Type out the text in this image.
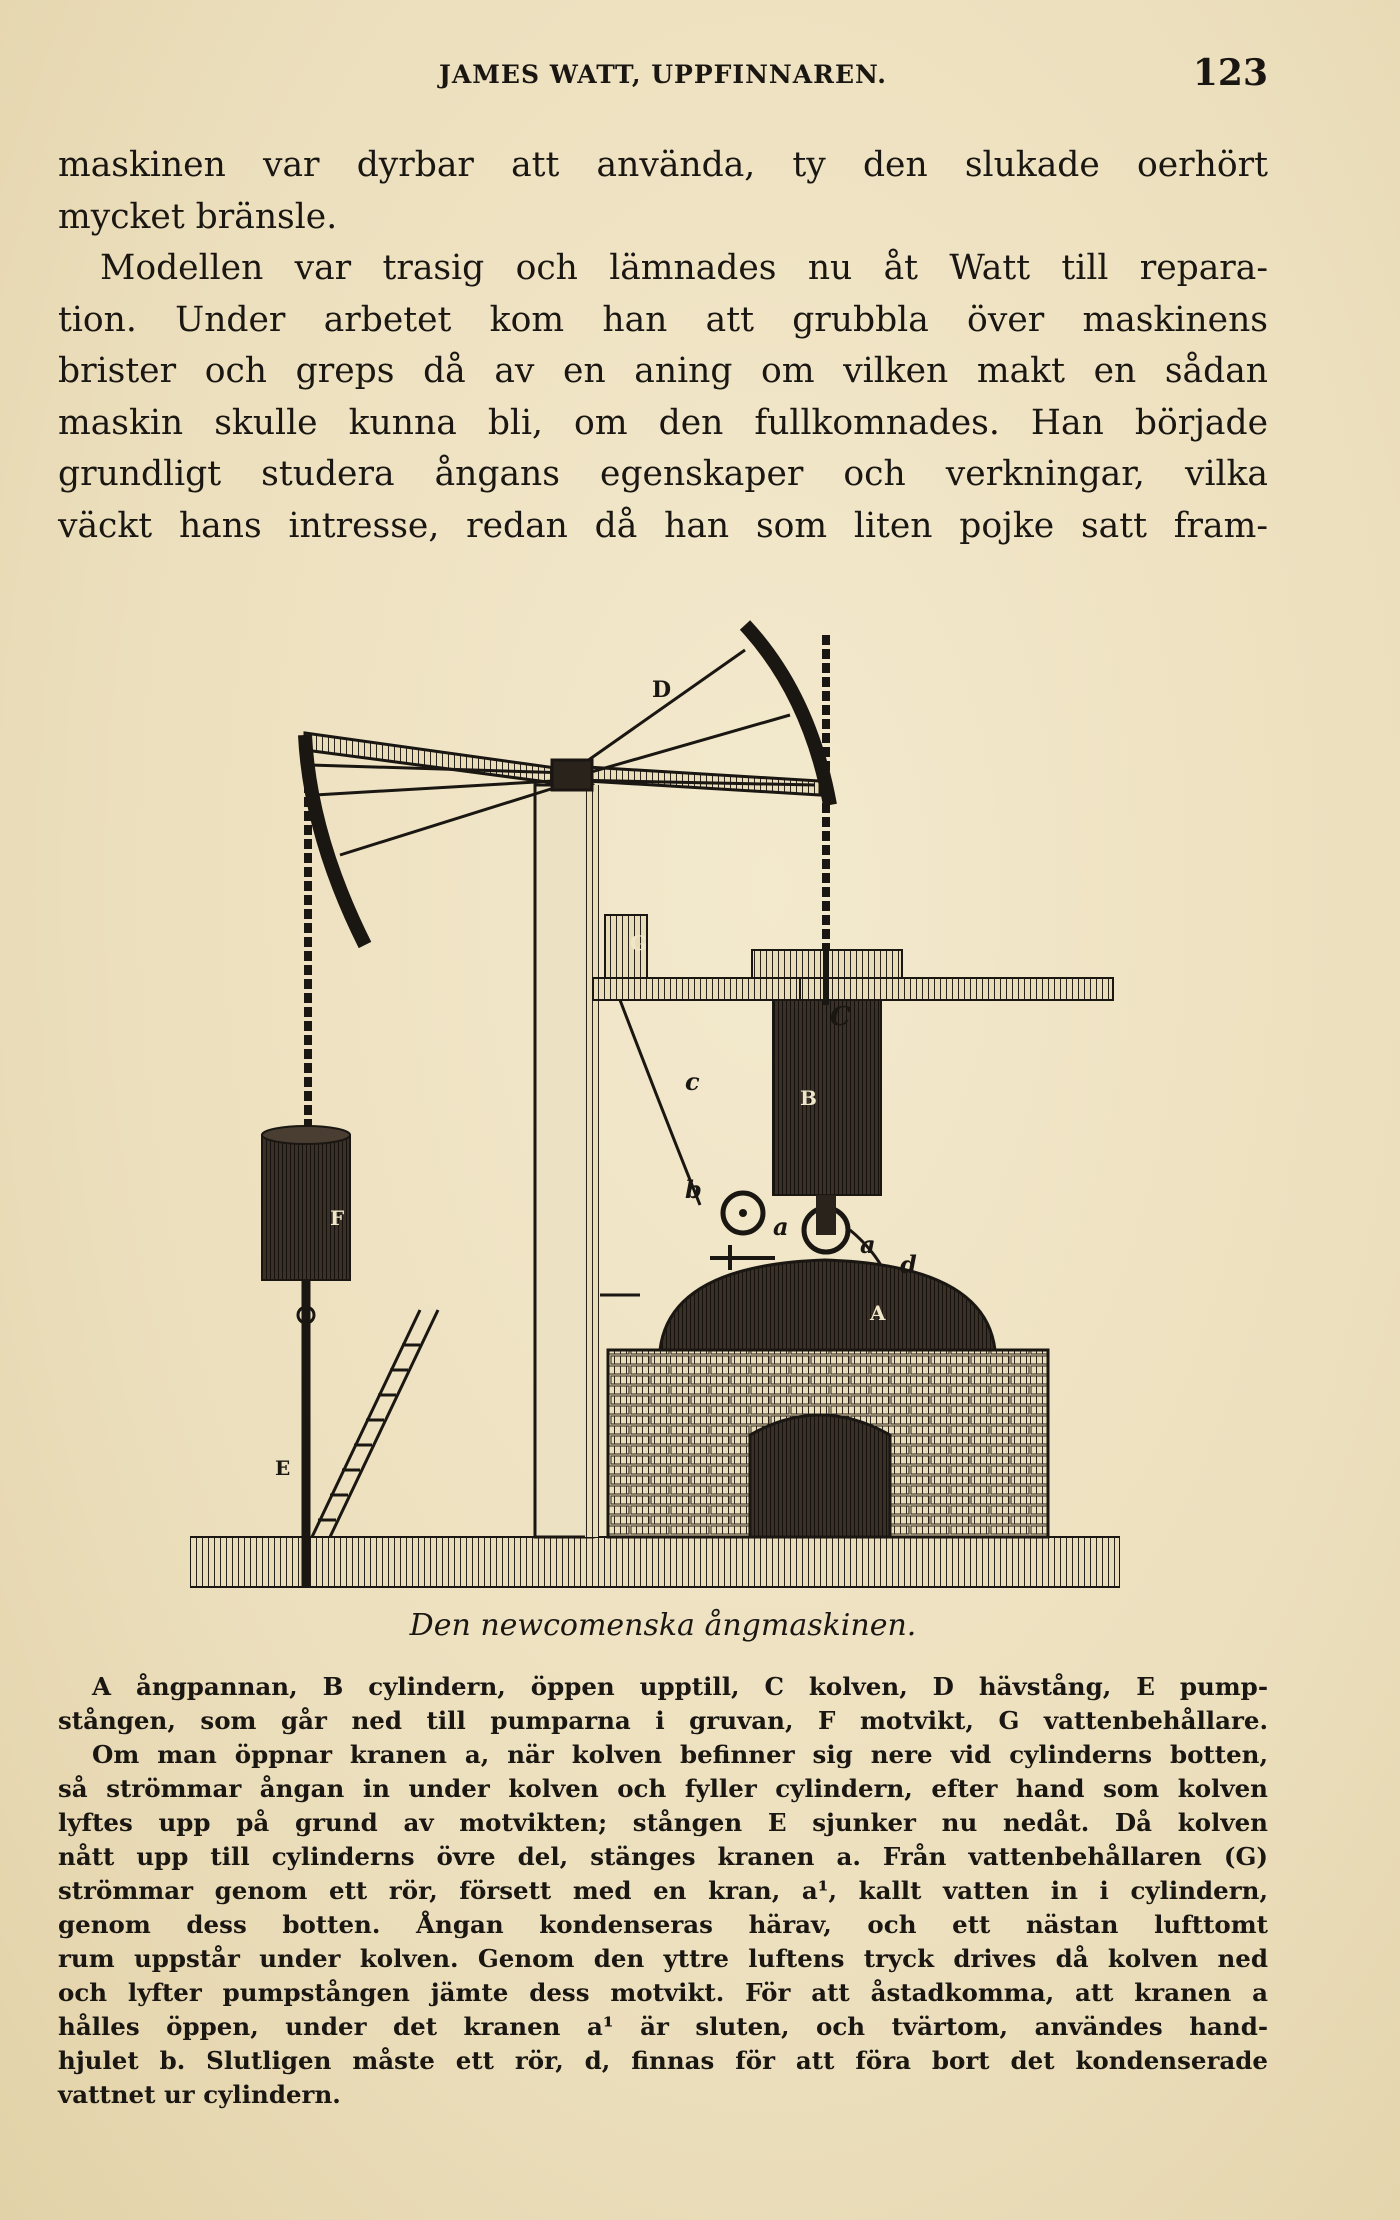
JAMES WATT, UPPFINNAREN.	123
maskinen var dyrbar att använda, ty den slukade oerhört
mycket bränsle.
Modellen var trasig och lämnades nu åt Watt till repara-
tion. Under arbetet kom han att grubbla över maskinens
brister och greps då av en aning om vilken makt en sådan
maskin skulle kunna bli, om den fullkomnades. Han började
grundligt studera ångans egenskaper och verkningar, vilka
väckt hans intresse, redan då han som liten pojke satt fram-
D
G
C
c
B
F
b
a
a
d
A
E
Den newcomenska ångmaskinen.
A ångpannan, B cylindern, öppen upptill, C kolven, D hävstång, E pump-
stången, som går ned till pumparna i gruvan, F motvikt, G vattenbehållare.
Om man öppnar kranen a, när kolven befinner sig nere vid cylinderns botten,
så strömmar ångan in under kolven och fyller cylindern, efter hand som kolven
lyftes upp på grund av motvikten; stången E sjunker nu nedåt. Då kolven
nått upp till cylinderns övre del, stänges kranen a. Från vattenbehållaren (G)
strömmar genom ett rör, försett med en kran, a¹, kallt vatten in i cylindern,
genom dess botten. Ångan kondenseras härav, och ett nästan lufttomt
rum uppstår under kolven. Genom den yttre luftens tryck drives då kolven ned
och lyfter pumpstången jämte dess motvikt. För att åstadkomma, att kranen a
hålles öppen, under det kranen a¹ är sluten, och tvärtom, användes hand-
hjulet b. Slutligen måste ett rör, d, finnas för att föra bort det kondenserade
vattnet ur cylindern.
